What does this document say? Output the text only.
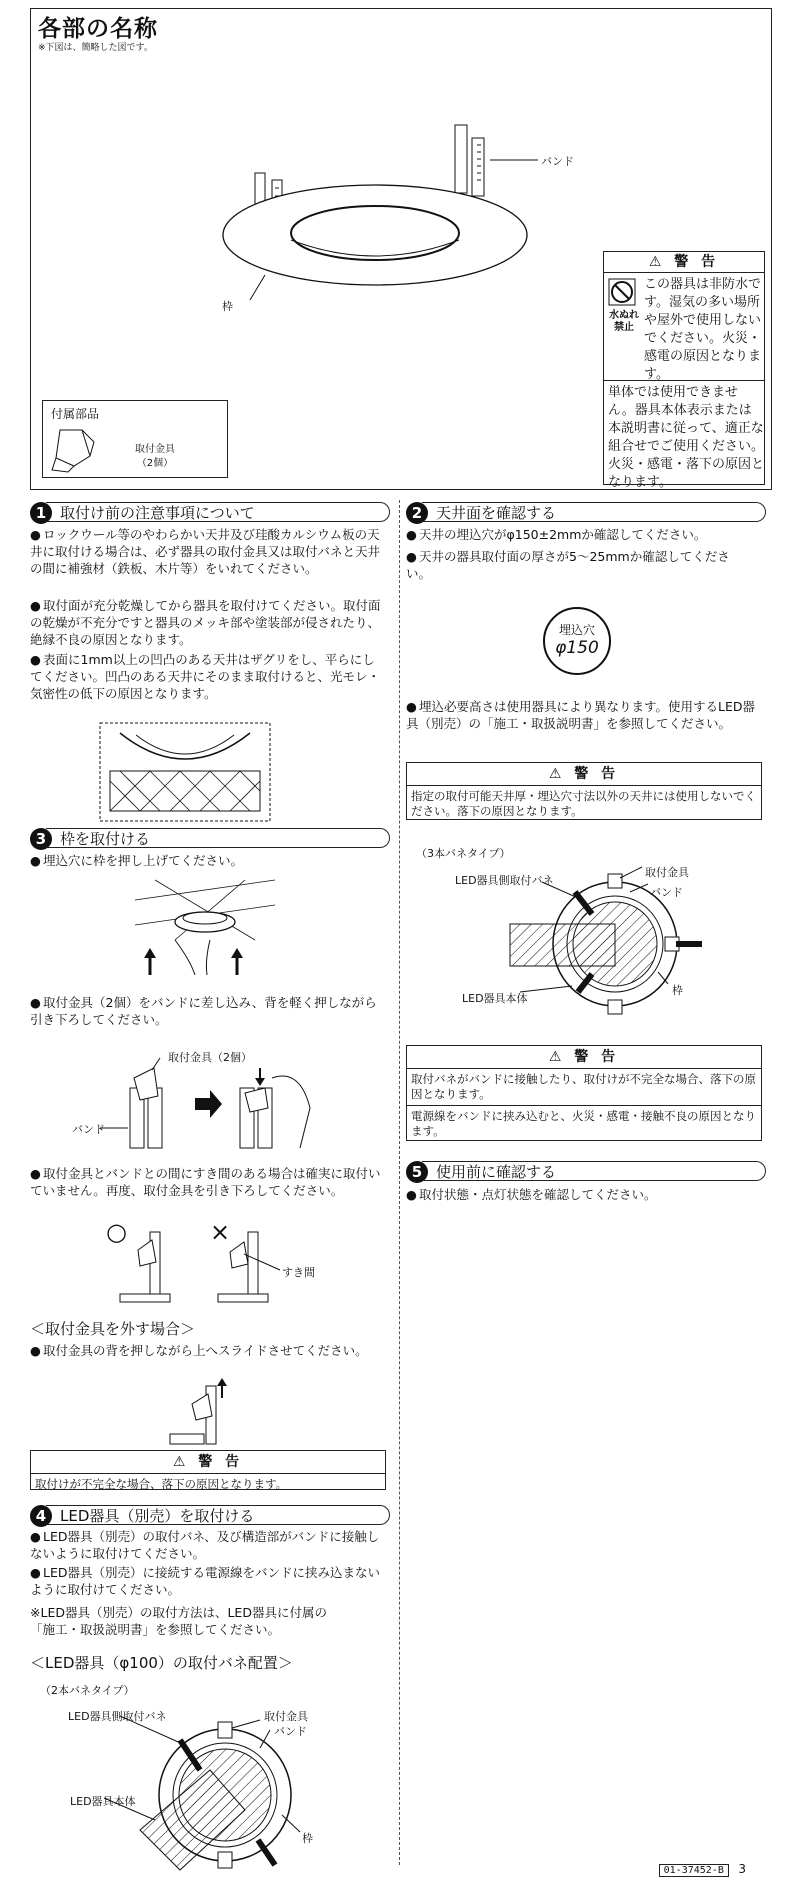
各部の名称
※下図は、簡略した図です。
バンド
枠
付属部品
取付金具
（2個）
⚠ 警 告
水ぬれ禁止
この器具は非防水です。湿気の多い場所や屋外で使用しないでください。火災・感電の原因となります。
単体では使用できません。器具本体表示または本説明書に従って、適正な組合せでご使用ください。火災・感電・落下の原因となります。
1 取付け前の注意事項について
● ロックウール等のやわらかい天井及び珪酸カルシウム板の天井に取付ける場合は、必ず器具の取付金具又は取付バネと天井の間に補強材（鉄板、木片等）をいれてください。
● 取付面が充分乾燥してから器具を取付けてください。取付面の乾燥が不充分ですと器具のメッキ部や塗装部が侵されたり、絶縁不良の原因となります。
● 表面に1mm以上の凹凸のある天井はザグリをし、平らにしてください。凹凸のある天井にそのまま取付けると、光モレ・気密性の低下の原因となります。
3 枠を取付ける
● 埋込穴に枠を押し上げてください。
● 取付金具（2個）をバンドに差し込み、背を軽く押しながら引き下ろしてください。
取付金具（2個）
バンド
● 取付金具とバンドとの間にすき間のある場合は確実に取付いていません。再度、取付金具を引き下ろしてください。
○	×
すき間
＜取付金具を外す場合＞
● 取付金具の背を押しながら上へスライドさせてください。
⚠ 警 告
取付けが不完全な場合、落下の原因となります。
4 LED器具（別売）を取付ける
● LED器具（別売）の取付バネ、及び構造部がバンドに接触しないように取付けてください。
● LED器具（別売）に接続する電源線をバンドに挟み込まないように取付けてください。
※LED器具（別売）の取付方法は、LED器具に付属の「施工・取扱説明書」を参照してください。
＜LED器具（φ100）の取付バネ配置＞
（2本バネタイプ）
LED器具側取付バネ	取付金具
バンド
LED器具本体
枠
2 天井面を確認する
● 天井の埋込穴がφ150±2mmか確認してください。
● 天井の器具取付面の厚さが5～25mmか確認してください。
埋込穴
φ150
● 埋込必要高さは使用器具により異なります。使用するLED器具（別売）の「施工・取扱説明書」を参照してください。
⚠ 警 告
指定の取付可能天井厚・埋込穴寸法以外の天井には使用しないでください。落下の原因となります。
（3本バネタイプ）
LED器具側取付バネ
取付金具
バンド
LED器具本体
枠
⚠ 警 告
取付バネがバンドに接触したり、取付けが不完全な場合、落下の原因となります。
電源線をバンドに挟み込むと、火災・感電・接触不良の原因となります。
5 使用前に確認する
● 取付状態・点灯状態を確認してください。
01-37452-B 3
